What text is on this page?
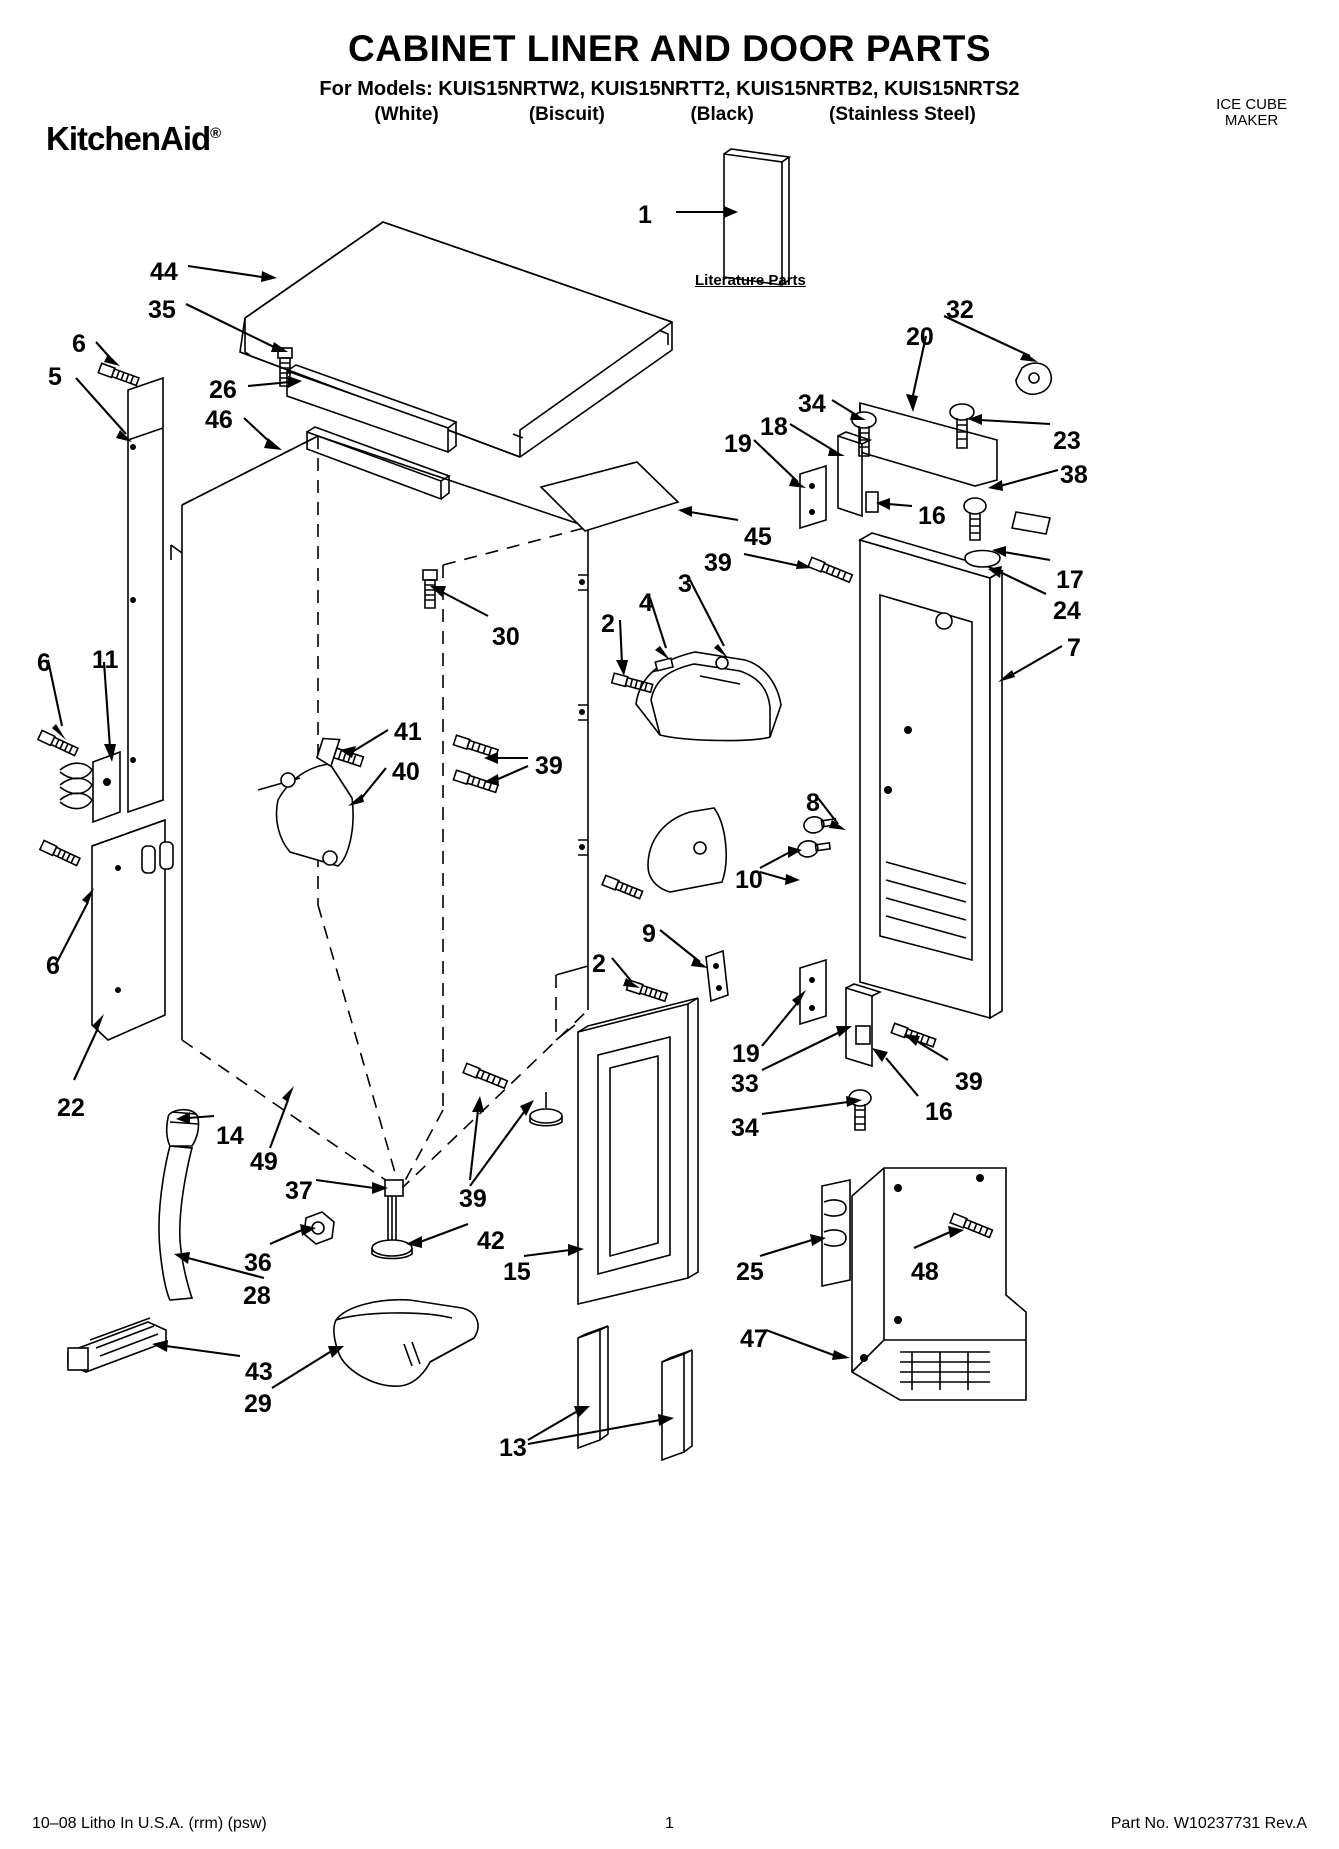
CABINET LINER AND DOOR PARTS
For Models: KUIS15NRTW2, KUIS15NRTT2, KUIS15NRTB2, KUIS15NRTS2
(White)	(Biscuit)	(Black)	(Stainless Steel)
KitchenAid®
ICE CUBE
MAKER
1
44
35
6
5	26
46
32
20
34
18
19	23
38
16
17
24
45
39
3
4
2
30	7
6 11
41
40	39
8
10
9
2
6
22
19
33
34
39
16
14
49
37	39
42
15
36
28
43
29
25	48
47
13
Literature Parts
10–08 Litho In U.S.A. (rrm) (psw)	1	Part No. W10237731 Rev.A
